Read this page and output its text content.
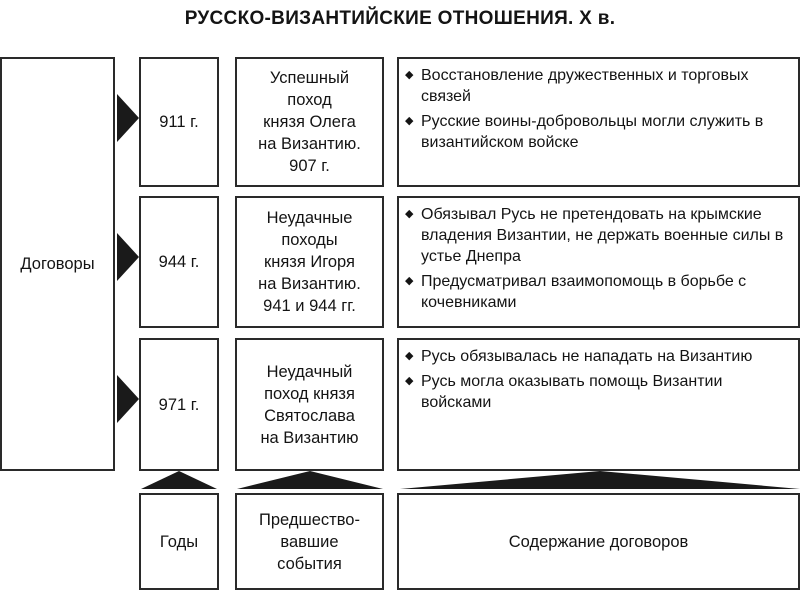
РУССКО-ВИЗАНТИЙСКИЕ ОТНОШЕНИЯ. X в.
Договоры
911 г.
Успешный
поход
князя Олега
на Византию.
907 г.
◆ Восстановление дружественных и торговых связей
◆ Русские воины-добровольцы могли служить в византийском войске
944 г.
Неудачные
походы
князя Игоря
на Византию.
941 и 944 гг.
◆ Обязывал Русь не претендовать на крымские владения Византии, не держать военные силы в устье Днепра
◆ Предусматривал взаимопомощь в борьбе с кочевниками
971 г.
Неудачный
поход князя
Святослава
на Византию
◆ Русь обязывалась не нападать на Византию
◆ Русь могла оказывать помощь Византии войсками
Годы
Предшество-
вавшие
события
Содержание договоров
